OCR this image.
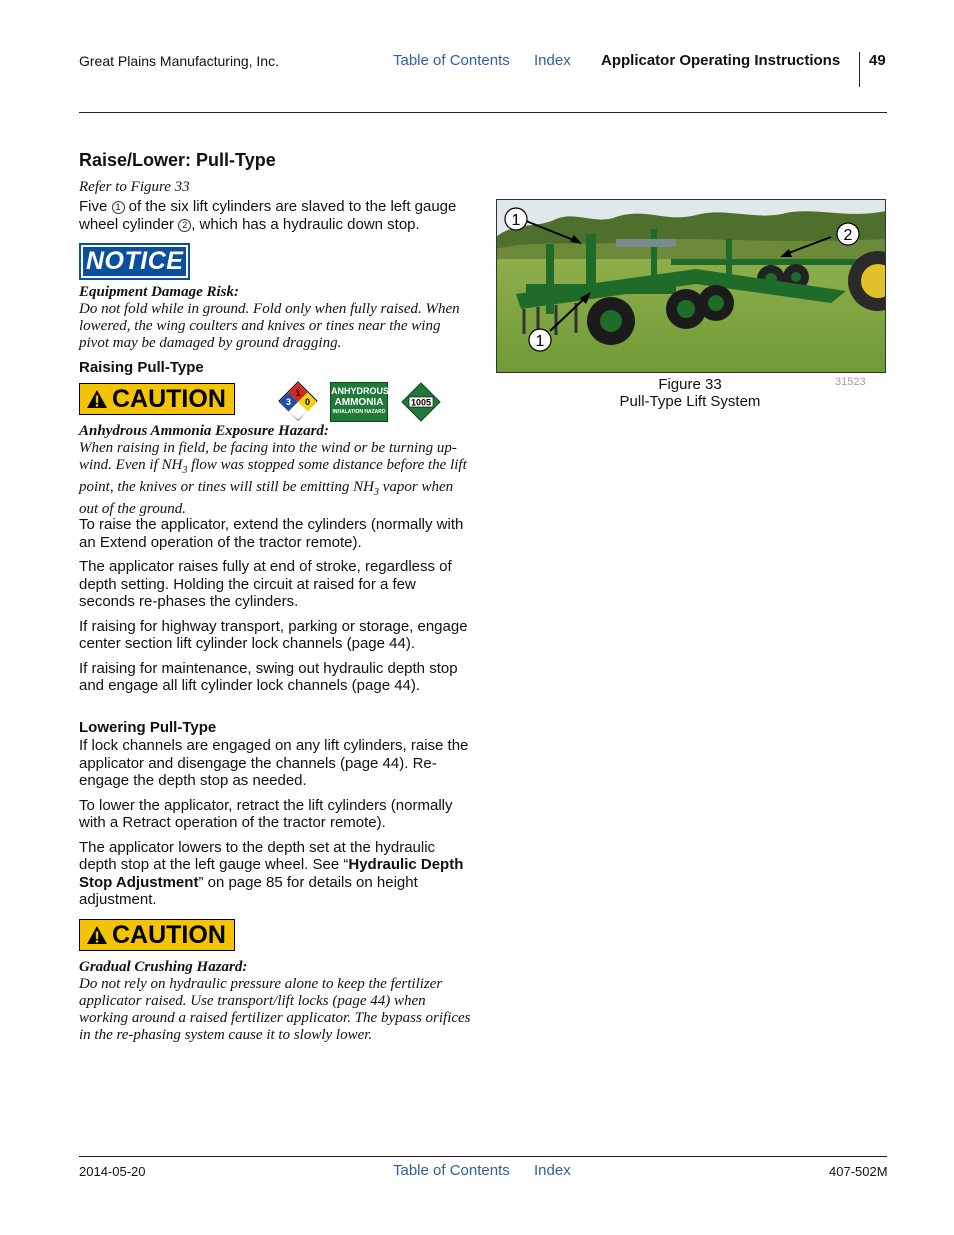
Great Plains Manufacturing, Inc.	Table of Contents Index Applicator Operating Instructions 49
Raise/Lower: Pull-Type

Refer to Figure 33

Five 1 of the six lift cylinders are slaved to the left gauge wheel cylinder 2 , which has a hydraulic down stop.

NOTICE

Equipment Damage Risk:

Do not fold while in ground. Fold only when fully raised. When lowered, the wing coulters and knives or tines near the wing pivot may be damaged by ground dragging.

Raising Pull-Type
CAUTION	1
3 0
ANHYDROUS
AMMONIA
INHALATION HAZARD
1005

Anhydrous Ammonia Exposure Hazard:

When raising in field, be facing into the wind or be turning up-wind. Even if $NH_3$ flow was stopped some distance before the lift point, the knives or tines will still be emitting $NH_3$ vapor when out of the ground.

To raise the applicator, extend the cylinders (normally with an Extend operation of the tractor remote).

The applicator raises fully at end of stroke, regardless of depth setting. Holding the circuit at raised for a few seconds re-phases the cylinders.

If raising for highway transport, parking or storage, engage center section lift cylinder lock channels (page 44).

If raising for maintenance, swing out hydraulic depth stop and engage all lift cylinder lock channels (page 44).

Lowering Pull-Type

If lock channels are engaged on any lift cylinders, raise the applicator and disengage the channels (page 44). Re-engage the depth stop as needed.

To lower the applicator, retract the lift cylinders (normally with a Retract operation of the tractor remote).

The applicator lowers to the depth set at the hydraulic depth stop at the left gauge wheel. See “Hydraulic Depth Stop Adjustment” on page 85 for details on height adjustment.

CAUTION

Gradual Crushing Hazard:

Do not rely on hydraulic pressure alone to keep the fertilizer applicator raised. Use transport/lift locks (page 44) when working around a raised fertilizer applicator. The bypass orifices in the re-phasing system cause it to slowly lower.

1
2
1
31523
Figure 33
Pull-Type Lift System
2014-05-20	Table of Contents Index	407-502M
